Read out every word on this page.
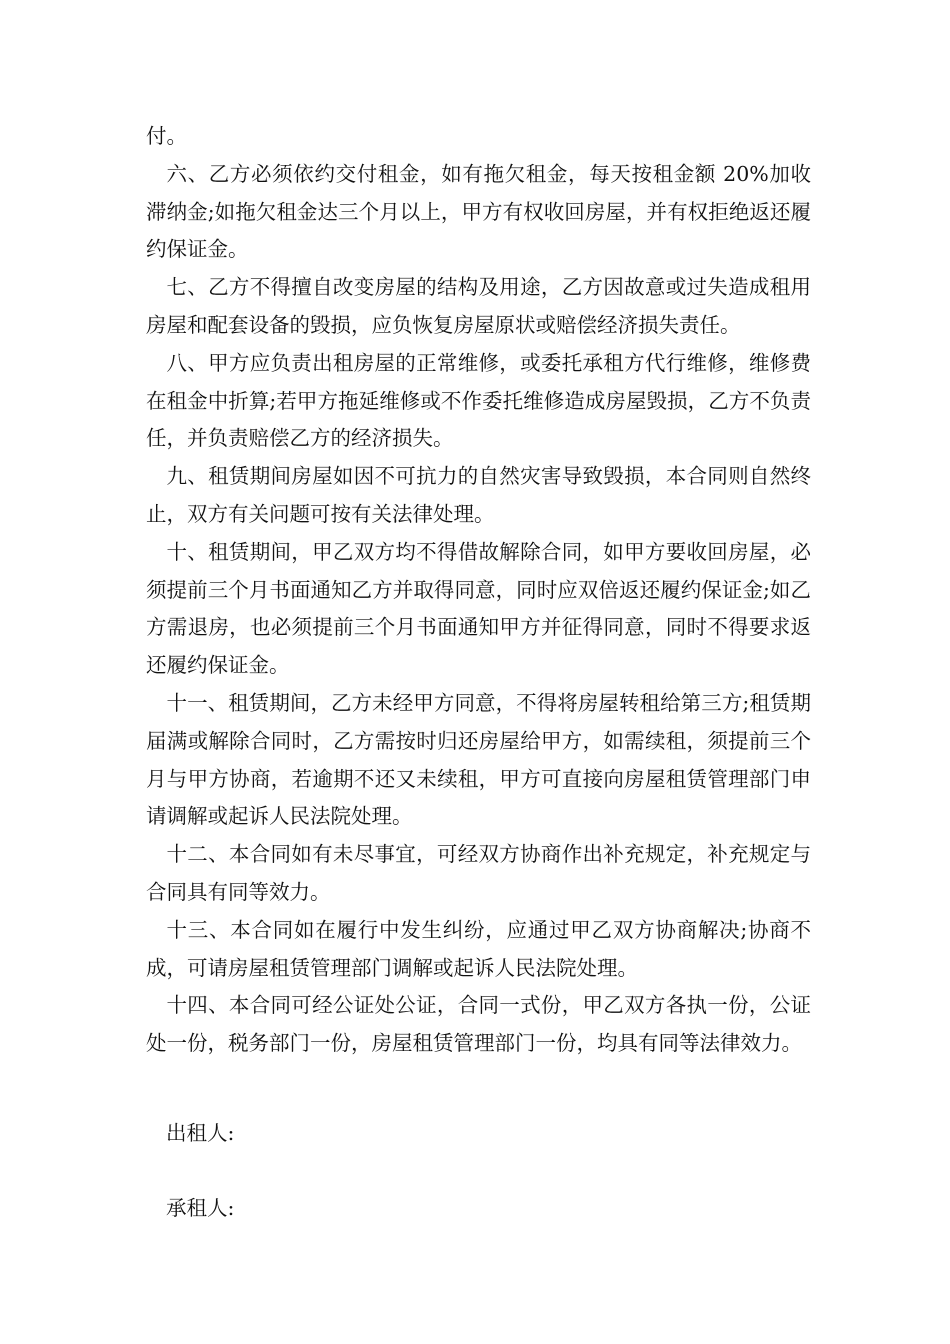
付。

六、乙方必须依约交付租金，如有拖欠租金，每天按租金额 20%加收滞纳金;如拖欠租金达三个月以上，甲方有权收回房屋，并有权拒绝返还履约保证金。

七、乙方不得擅自改变房屋的结构及用途，乙方因故意或过失造成租用房屋和配套设备的毁损，应负恢复房屋原状或赔偿经济损失责任。

八、甲方应负责出租房屋的正常维修，或委托承租方代行维修，维修费在租金中折算;若甲方拖延维修或不作委托维修造成房屋毁损，乙方不负责任，并负责赔偿乙方的经济损失。

九、租赁期间房屋如因不可抗力的自然灾害导致毁损，本合同则自然终止，双方有关问题可按有关法律处理。

十、租赁期间，甲乙双方均不得借故解除合同，如甲方要收回房屋，必须提前三个月书面通知乙方并取得同意，同时应双倍返还履约保证金;如乙方需退房，也必须提前三个月书面通知甲方并征得同意，同时不得要求返还履约保证金。

十一、租赁期间，乙方未经甲方同意，不得将房屋转租给第三方;租赁期届满或解除合同时，乙方需按时归还房屋给甲方，如需续租，须提前三个月与甲方协商，若逾期不还又未续租，甲方可直接向房屋租赁管理部门申请调解或起诉人民法院处理。

十二、本合同如有未尽事宜，可经双方协商作出补充规定，补充规定与合同具有同等效力。

十三、本合同如在履行中发生纠纷，应通过甲乙双方协商解决;协商不成，可请房屋租赁管理部门调解或起诉人民法院处理。

十四、本合同可经公证处公证，合同一式份，甲乙双方各执一份，公证处一份，税务部门一份，房屋租赁管理部门一份，均具有同等法律效力。

出租人:
承租人:
